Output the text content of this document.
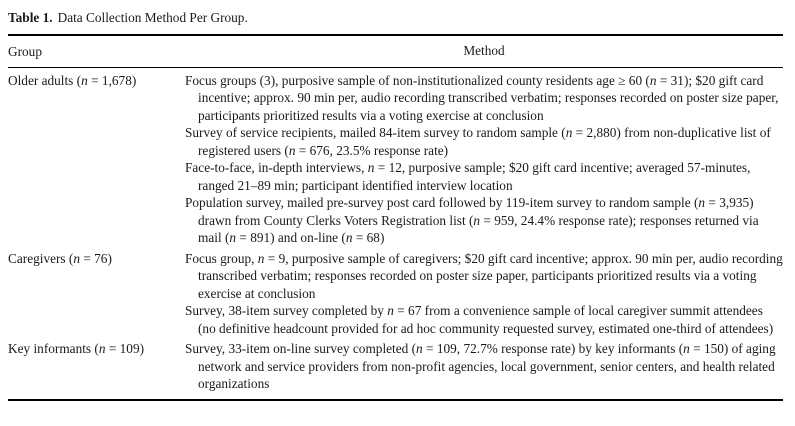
Table 1. Data Collection Method Per Group.
Group	Method
Older adults (n = 1,678)	Focus groups (3), purposive sample of non-institutionalized county residents age ≥ 60 (n = 31); $20 gift card incentive; approx. 90 min per, audio recording transcribed verbatim; responses recorded on poster size paper, participants prioritized results via a voting exercise at conclusion

Survey of service recipients, mailed 84-item survey to random sample (n = 2,880) from non-duplicative list of registered users (n = 676, 23.5% response rate)

Face-to-face, in-depth interviews, n = 12, purposive sample; $20 gift card incentive; averaged 57-minutes, ranged 21–89 min; participant identified interview location

Population survey, mailed pre-survey post card followed by 119-item survey to random sample (n = 3,935) drawn from County Clerks Voters Registration list (n = 959, 24.4% response rate); responses returned via mail (n = 891) and on-line (n = 68)

Caregivers (n = 76)	Focus group, n = 9, purposive sample of caregivers; $20 gift card incentive; approx. 90 min per, audio recording transcribed verbatim; responses recorded on poster size paper, participants prioritized results via a voting exercise at conclusion

Survey, 38-item survey completed by n = 67 from a convenience sample of local caregiver summit attendees (no definitive headcount provided for ad hoc community requested survey, estimated one-third of attendees)

Key informants (n = 109)	Survey, 33-item on-line survey completed (n = 109, 72.7% response rate) by key informants (n = 150) of aging network and service providers from non-profit agencies, local government, senior centers, and health related organizations
